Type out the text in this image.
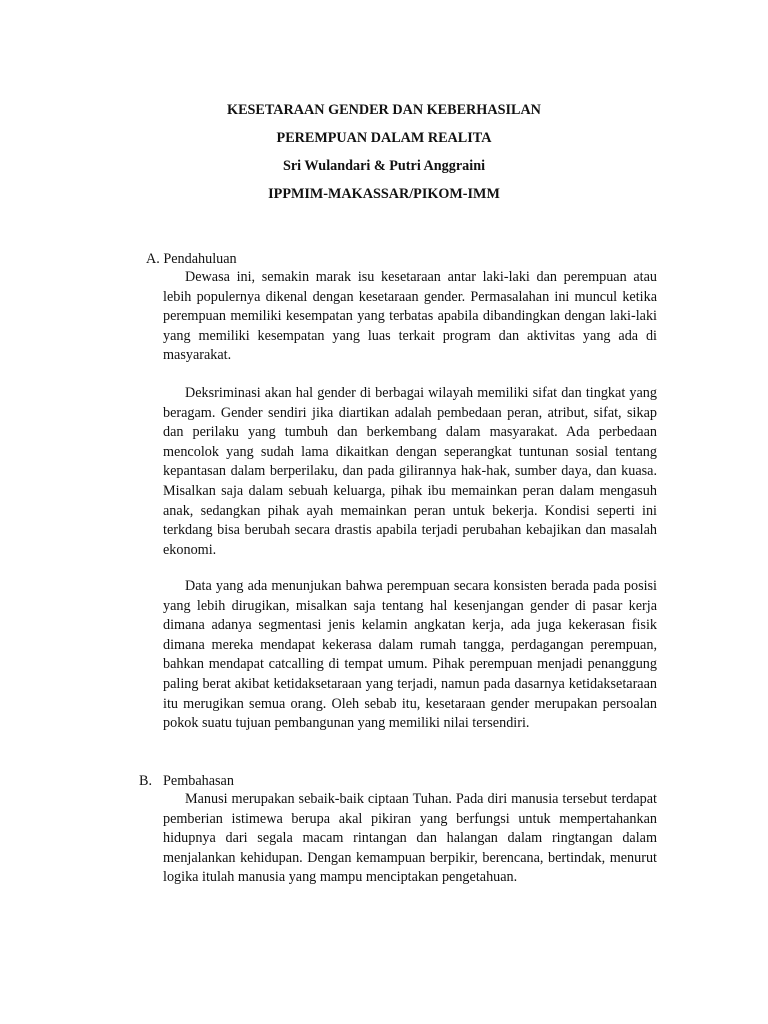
KESETARAAN GENDER DAN KEBERHASILAN
PEREMPUAN DALAM REALITA
Sri Wulandari & Putri Anggraini
IPPMIM-MAKASSAR/PIKOM-IMM
A. Pendahuluan

Dewasa ini, semakin marak isu kesetaraan antar laki-laki dan perempuan atau lebih populernya dikenal dengan kesetaraan gender. Permasalahan ini muncul ketika perempuan memiliki kesempatan yang terbatas apabila dibandingkan dengan laki-laki yang memiliki kesempatan yang luas terkait program dan aktivitas yang ada di masyarakat.

Deksriminasi akan hal gender di berbagai wilayah memiliki sifat dan tingkat yang beragam. Gender sendiri jika diartikan adalah pembedaan peran, atribut, sifat, sikap dan perilaku yang tumbuh dan berkembang dalam masyarakat. Ada perbedaan mencolok yang sudah lama dikaitkan dengan seperangkat tuntunan sosial tentang kepantasan dalam berperilaku, dan pada gilirannya hak-hak, sumber daya, dan kuasa. Misalkan saja dalam sebuah keluarga, pihak ibu memainkan peran dalam mengasuh anak, sedangkan pihak ayah memainkan peran untuk bekerja. Kondisi seperti ini terkdang bisa berubah secara drastis apabila terjadi perubahan kebajikan dan masalah ekonomi.

Data yang ada menunjukan bahwa perempuan secara konsisten berada pada posisi yang lebih dirugikan, misalkan saja tentang hal kesenjangan gender di pasar kerja dimana adanya segmentasi jenis kelamin angkatan kerja, ada juga kekerasan fisik dimana mereka mendapat kekerasa dalam rumah tangga, perdagangan perempuan, bahkan mendapat catcalling di tempat umum. Pihak perempuan menjadi penanggung paling berat akibat ketidaksetaraan yang terjadi, namun pada dasarnya ketidaksetaraan itu merugikan semua orang. Oleh sebab itu, kesetaraan gender merupakan persoalan pokok suatu tujuan pembangunan yang memiliki nilai tersendiri.

B. Pembahasan

Manusi merupakan sebaik-baik ciptaan Tuhan. Pada diri manusia tersebut terdapat pemberian istimewa berupa akal pikiran yang berfungsi untuk mempertahankan hidupnya dari segala macam rintangan dan halangan dalam ringtangan dalam menjalankan kehidupan. Dengan kemampuan berpikir, berencana, bertindak, menurut logika itulah manusia yang mampu menciptakan pengetahuan.
